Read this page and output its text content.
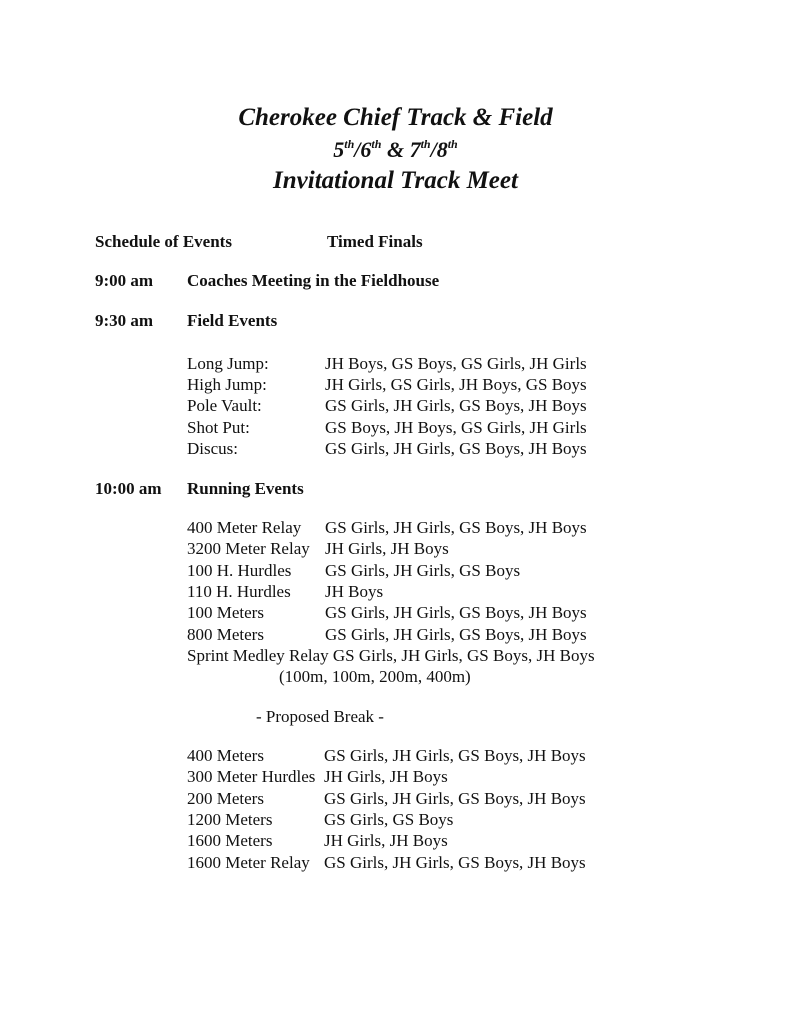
Cherokee Chief Track & Field
5th/6th & 7th/8th
Invitational Track Meet
Schedule of Events	Timed Finals
9:00 am Coaches Meeting in the Fieldhouse
9:30 am Field Events
Long Jump:	JH Boys, GS Boys, GS Girls, JH Girls
High Jump:	JH Girls, GS Girls, JH Boys, GS Boys
Pole Vault:	GS Girls, JH Girls, GS Boys, JH Boys
Shot Put:	GS Boys, JH Boys, GS Girls, JH Girls
Discus:	GS Girls, JH Girls, GS Boys, JH Boys
10:00 am Running Events
400 Meter Relay GS Girls, JH Girls, GS Boys, JH Boys
3200 Meter Relay JH Girls, JH Boys
100 H. Hurdles GS Girls, JH Girls, GS Boys
110 H. Hurdles JH Boys
100 Meters	GS Girls, JH Girls, GS Boys, JH Boys
800 Meters	GS Girls, JH Girls, GS Boys, JH Boys
Sprint Medley Relay GS Girls, JH Girls, GS Boys, JH Boys
(100m, 100m, 200m, 400m)
- Proposed Break -
400 Meters	GS Girls, JH Girls, GS Boys, JH Boys
300 Meter Hurdles JH Girls, JH Boys
200 Meters	GS Girls, JH Girls, GS Boys, JH Boys
1200 Meters	GS Girls, GS Boys
1600 Meters	JH Girls, JH Boys
1600 Meter Relay GS Girls, JH Girls, GS Boys, JH Boys
